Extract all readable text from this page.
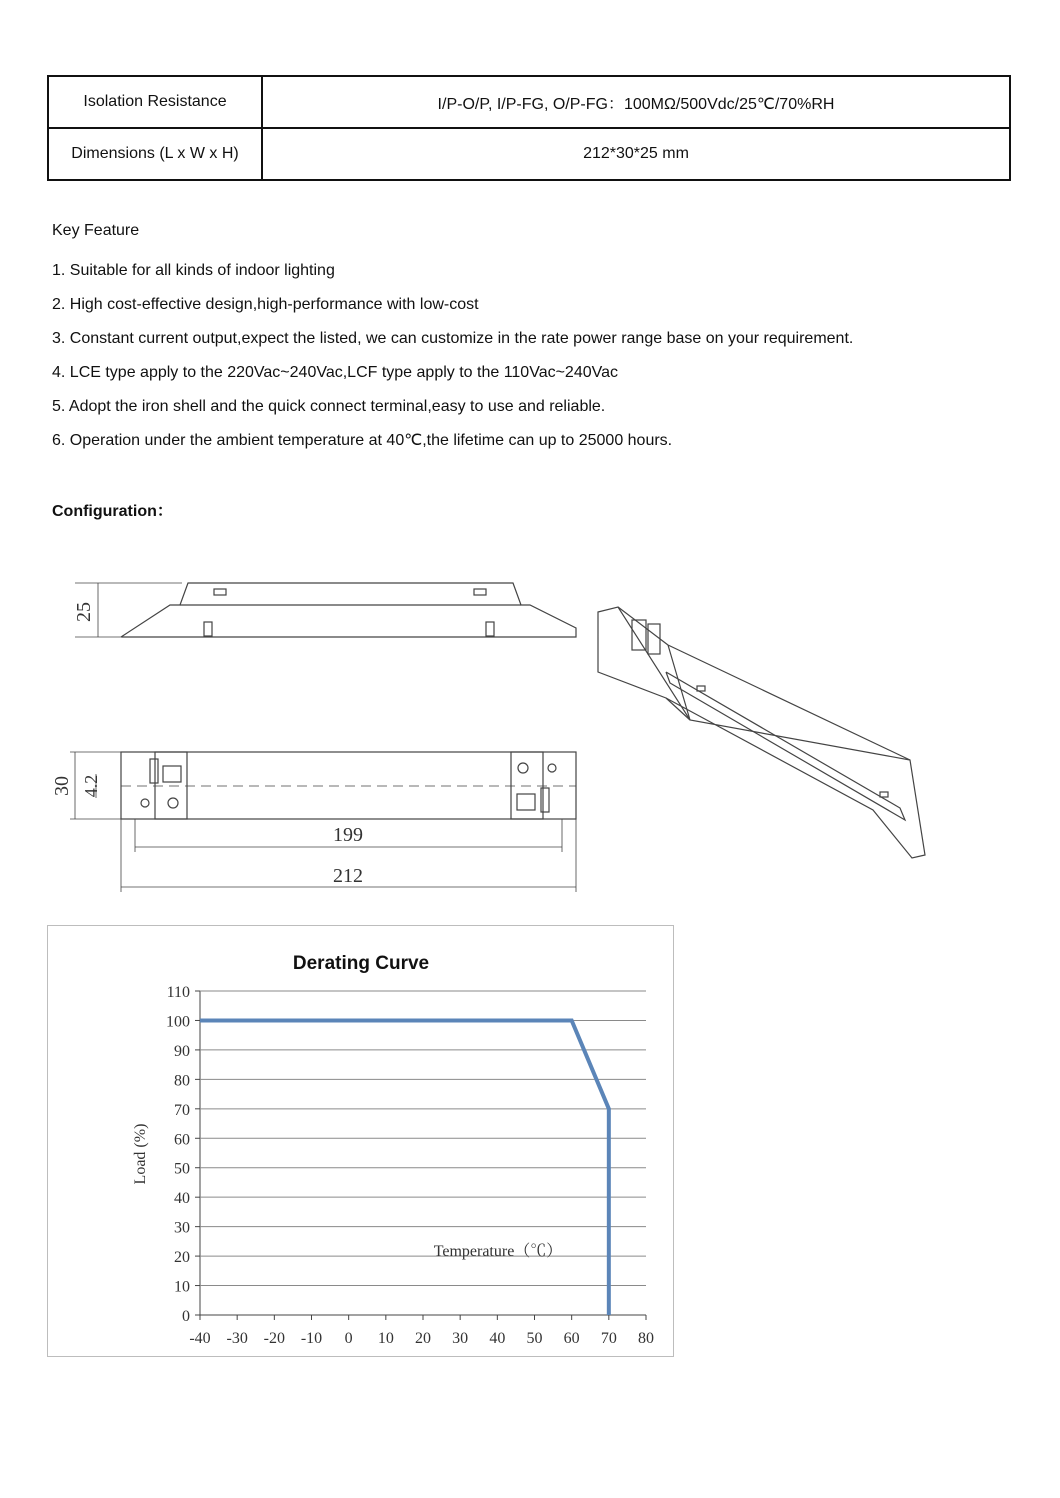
Isolation Resistance	I/P-O/P, I/P-FG, O/P-FG：100MΩ/500Vdc/25℃/70%RH
Dimensions (L x W x H)	212*30*25 mm
Key Feature
1. Suitable for all kinds of indoor lighting
2. High cost-effective design,high-performance with low-cost
3. Constant current output,expect the listed, we can customize in the rate power range base on your requirement.
4. LCE type apply to the 220Vac~240Vac,LCF type apply to the 110Vac~240Vac
5. Adopt the iron shell and the quick connect terminal,easy to use and reliable.
6. Operation under the ambient temperature at 40℃,the lifetime can up to 25000 hours.
Configuration：
25
30 4.2
199
212
Derating Curve
0
10
20
30
40
50
60
70
80
90
100
110
-40 -30 -20 -10 0 10 20 30 40 50 60 70 80
Load (%)
Temperature（℃）
